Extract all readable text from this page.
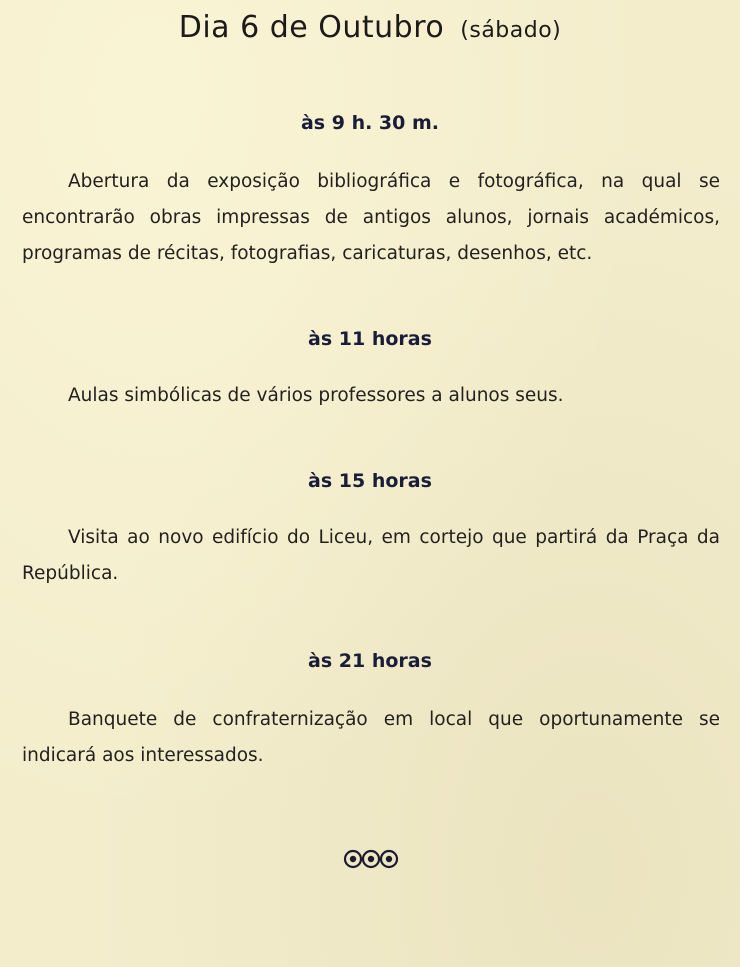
Dia 6 de Outubro (sábado)
às 9 h. 30 m.
Abertura da exposição bibliográfica e fotográfica, na qual se encontrarão obras impressas de antigos alunos, jornais académicos, programas de récitas, fotografias, caricaturas, desenhos, etc.
às 11 horas
Aulas simbólicas de vários professores a alunos seus.
às 15 horas
Visita ao novo edifício do Liceu, em cortejo que partirá da Praça da República.
às 21 horas
Banquete de confraternização em local que oportunamente se indicará aos interessados.
